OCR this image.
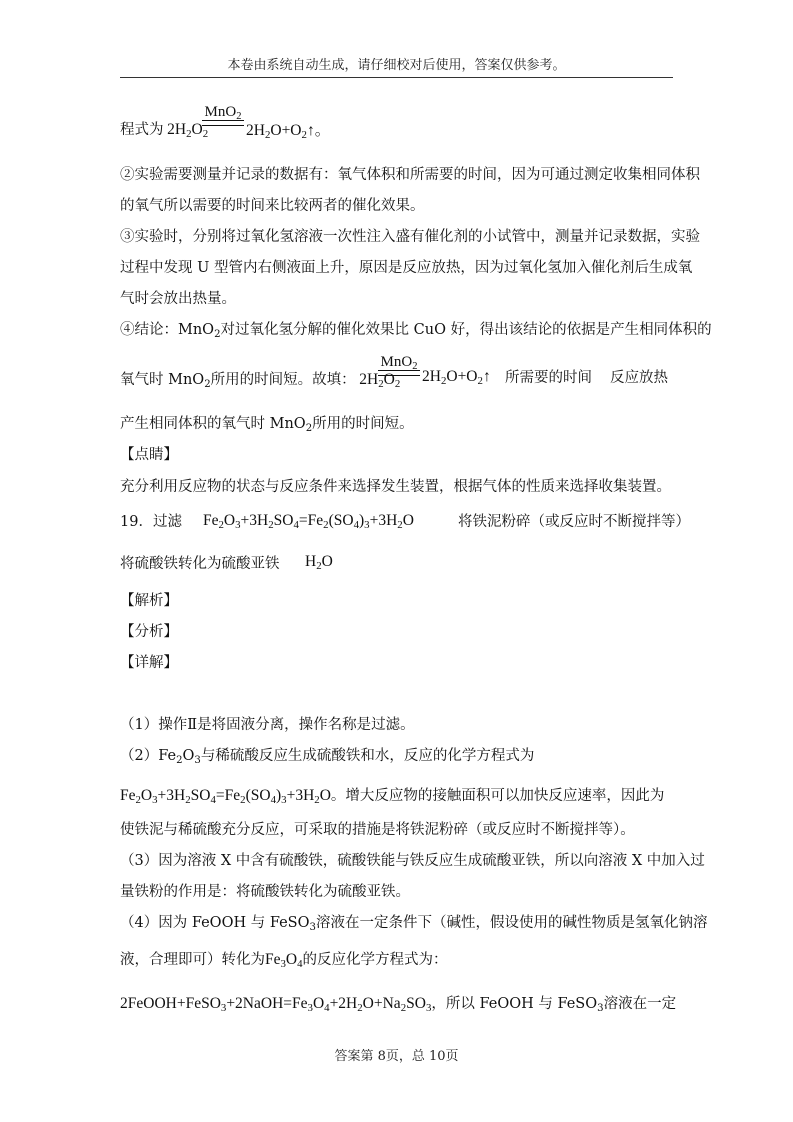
本卷由系统自动生成，请仔细校对后使用，答案仅供参考。
程式为 $2H_2O_2$
MnO$_2$
$2H_2O+O_2↑$。
②实验需要测量并记录的数据有：氧气体积和所需要的时间，因为可通过测定收集相同体积
的氧气所以需要的时间来比较两者的催化效果。
③实验时，分别将过氧化氢溶液一次性注入盛有催化剂的小试管中，测量并记录数据，实验
过程中发现 U 型管内右侧液面上升，原因是反应放热，因为过氧化氢加入催化剂后生成氧
气时会放出热量。
④结论：MnO$_2$对过氧化氢分解的催化效果比 CuO 好，得出该结论的依据是产生相同体积的
氧气时 MnO$_2$所用的时间短。故填： $2H_2O_2$
MnO$_2$
$2H_2O+O_2↑$ 所需要的时间 反应放热
产生相同体积的氧气时 MnO$_2$所用的时间短。
【点睛】
充分利用反应物的状态与反应条件来选择发生装置，根据气体的性质来选择收集装置。
19．过滤 $Fe_2O_3+3H_2SO_4=Fe_2(SO_4)_3+3H_2O$	将铁泥粉碎（或反应时不断搅拌等）
将硫酸铁转化为硫酸亚铁 $H_2O$
【解析】
【分析】
【详解】
（1）操作Ⅱ是将固液分离，操作名称是过滤。
$(2)Fe_2O_3$与稀硫酸反应生成硫酸铁和水，反应的化学方程式为
$Fe_2O_3+3H_2SO_4=Fe_2(SO_4)_3+3H_2O$。增大反应物的接触面积可以加快反应速率，因此为
使铁泥与稀硫酸充分反应，可采取的措施是将铁泥粉碎（或反应时不断搅拌等）。
（3）因为溶液 X 中含有硫酸铁，硫酸铁能与铁反应生成硫酸亚铁，所以向溶液 X 中加入过
量铁粉的作用是：将硫酸铁转化为硫酸亚铁。
（4）因为 FeOOH 与 FeSO$_3$溶液在一定条件下（碱性，假设使用的碱性物质是氢氧化钠溶
液，合理即可）转化为$Fe_3O_4$的反应化学方程式为：
$2FeOOH+FeSO_3+2NaOH=Fe_3O_4+2H_2O+Na_2SO_3$，所以 FeOOH 与 FeSO$_3$溶液在一定
答案第 8页，总 10页
